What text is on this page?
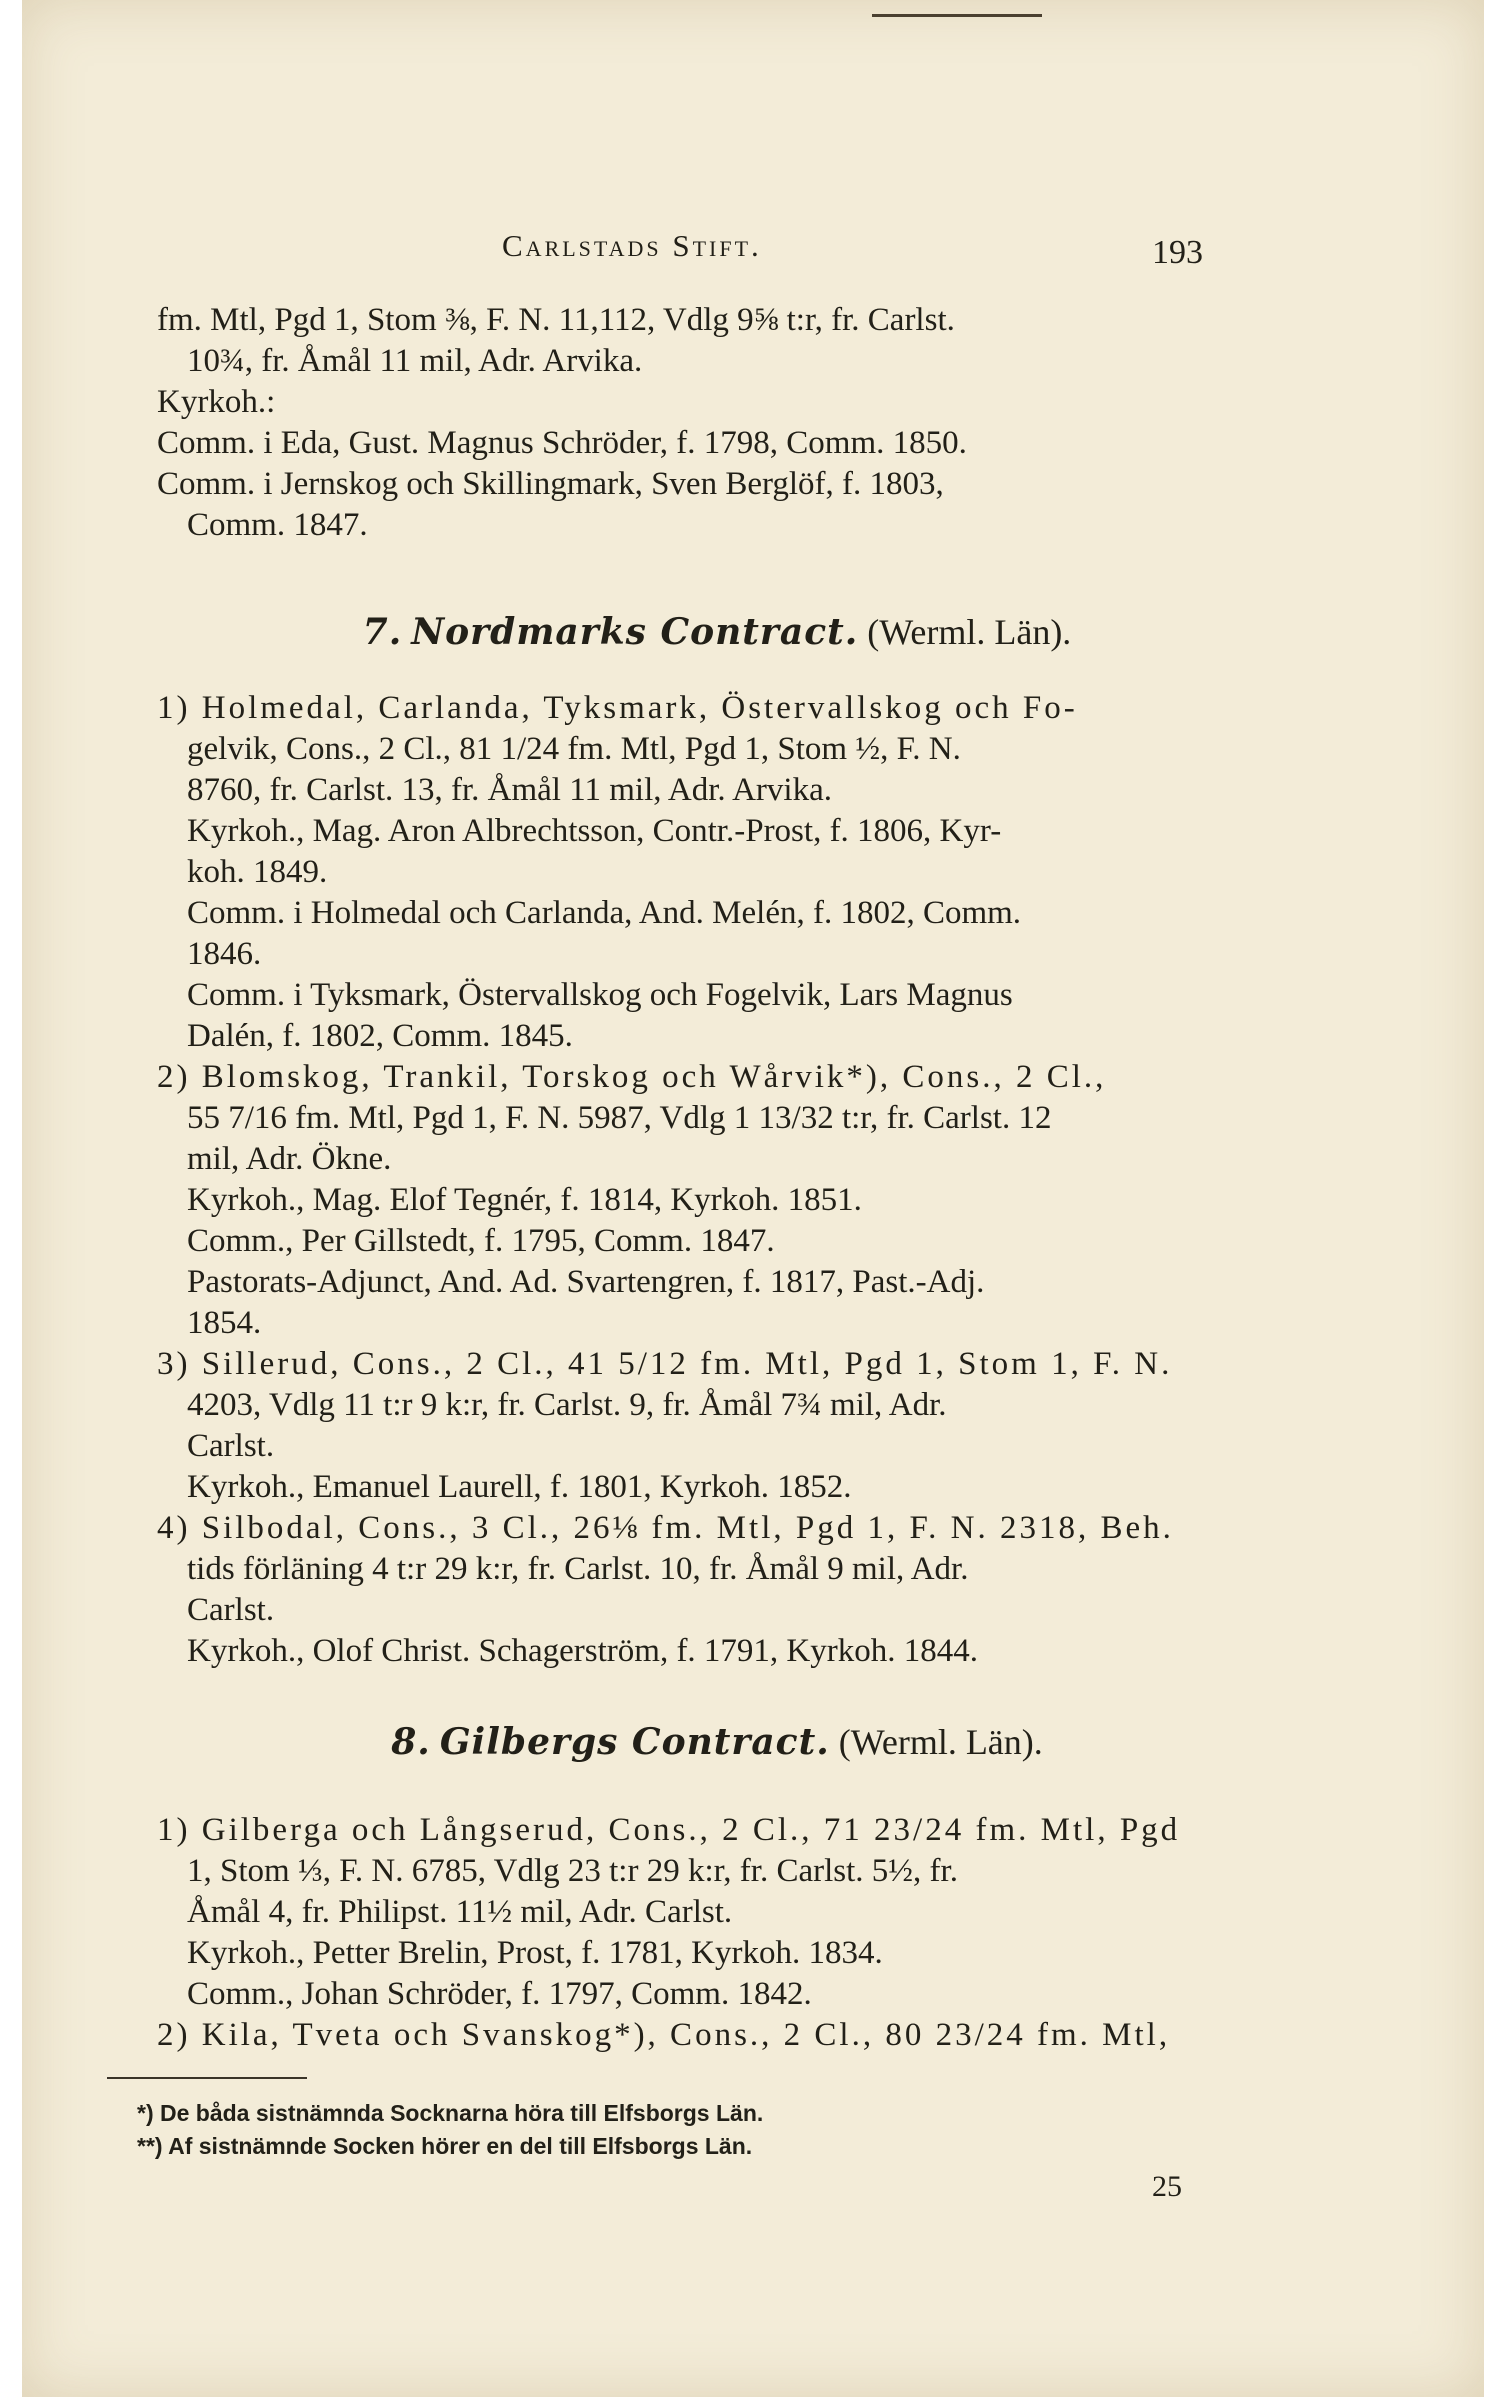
Carlstads Stift.	193
fm. Mtl, Pgd 1, Stom ⅜, F. N. 11,112, Vdlg 9⅝ t:r, fr. Carlst.
10¾, fr. Åmål 11 mil, Adr. Arvika.
Kyrkoh.:
Comm. i Eda, Gust. Magnus Schröder, f. 1798, Comm. 1850.
Comm. i Jernskog och Skillingmark, Sven Berglöf, f. 1803,
Comm. 1847.
7. Nordmarks Contract. (Werml. Län).
1) Holmedal, Carlanda, Tyksmark, Östervallskog och Fo-
gelvik, Cons., 2 Cl., 81 1/24 fm. Mtl, Pgd 1, Stom ½, F. N.
8760, fr. Carlst. 13, fr. Åmål 11 mil, Adr. Arvika.
Kyrkoh., Mag. Aron Albrechtsson, Contr.-Prost, f. 1806, Kyr-
koh. 1849.
Comm. i Holmedal och Carlanda, And. Melén, f. 1802, Comm.
1846.
Comm. i Tyksmark, Östervallskog och Fogelvik, Lars Magnus
Dalén, f. 1802, Comm. 1845.
2) Blomskog, Trankil, Torskog och Wårvik*), Cons., 2 Cl.,
55 7/16 fm. Mtl, Pgd 1, F. N. 5987, Vdlg 1 13/32 t:r, fr. Carlst. 12
mil, Adr. Ökne.
Kyrkoh., Mag. Elof Tegnér, f. 1814, Kyrkoh. 1851.
Comm., Per Gillstedt, f. 1795, Comm. 1847.
Pastorats-Adjunct, And. Ad. Svartengren, f. 1817, Past.-Adj.
1854.
3) Sillerud, Cons., 2 Cl., 41 5/12 fm. Mtl, Pgd 1, Stom 1, F. N.
4203, Vdlg 11 t:r 9 k:r, fr. Carlst. 9, fr. Åmål 7¾ mil, Adr.
Carlst.
Kyrkoh., Emanuel Laurell, f. 1801, Kyrkoh. 1852.
4) Silbodal, Cons., 3 Cl., 26⅛ fm. Mtl, Pgd 1, F. N. 2318, Beh.
tids förläning 4 t:r 29 k:r, fr. Carlst. 10, fr. Åmål 9 mil, Adr.
Carlst.
Kyrkoh., Olof Christ. Schagerström, f. 1791, Kyrkoh. 1844.
8. Gilbergs Contract. (Werml. Län).
1) Gilberga och Långserud, Cons., 2 Cl., 71 23/24 fm. Mtl, Pgd
1, Stom ⅓, F. N. 6785, Vdlg 23 t:r 29 k:r, fr. Carlst. 5½, fr.
Åmål 4, fr. Philipst. 11½ mil, Adr. Carlst.
Kyrkoh., Petter Brelin, Prost, f. 1781, Kyrkoh. 1834.
Comm., Johan Schröder, f. 1797, Comm. 1842.
2) Kila, Tveta och Svanskog*), Cons., 2 Cl., 80 23/24 fm. Mtl,
*) De båda sistnämnda Socknarna höra till Elfsborgs Län.
**) Af sistnämnde Socken hörer en del till Elfsborgs Län.
25
